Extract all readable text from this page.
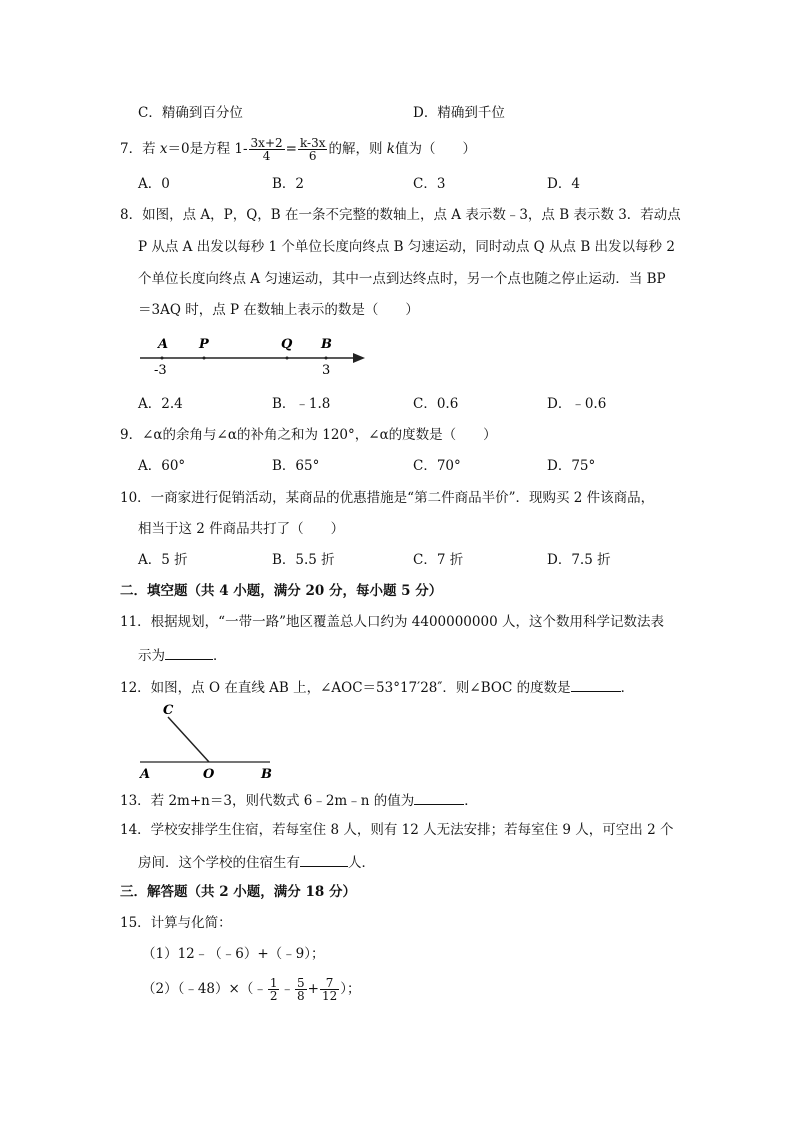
C．精确到百分位	D．精确到千位
7．若 x＝0是方程 $1- \frac{3x+2}{4} = \frac{k-3x}{6}$ 的解，则 k值为（　　）
A．0	B．2	C．3	D．4
8．如图，点 A，P，Q，B 在一条不完整的数轴上，点 A 表示数﹣3，点 B 表示数 3．若动点
P 从点 A 出发以每秒 1 个单位长度向终点 B 匀速运动，同时动点 Q 从点 B 出发以每秒 2
个单位长度向终点 A 匀速运动，其中一点到达终点时，另一个点也随之停止运动．当 BP
＝3AQ 时，点 P 在数轴上表示的数是（　　）
A P	Q B
-3	3
A．2.4	B．﹣1.8	C．0.6	D．﹣0.6
9．∠α的余角与∠α的补角之和为 120°，∠α的度数是（　　）
A．60°	B．65°	C．70°	D．75°
10．一商家进行促销活动，某商品的优惠措施是“第二件商品半价”．现购买 2 件该商品，
相当于这 2 件商品共打了（　　）
A．5 折	B．5.5 折	C．7 折	D．7.5 折
二．填空题（共 4 小题，满分 20 分，每小题 5 分）
11．根据规划，“一带一路”地区覆盖总人口约为 4400000000 人，这个数用科学记数法表
示为	．
12．如图，点 O 在直线 AB 上，∠AOC＝53°17′28″．则∠BOC 的度数是	．
C
A	O	B
13．若 2m+n＝3，则代数式 6﹣2m﹣n 的值为	．
14．学校安排学生住宿，若每室住 8 人，则有 12 人无法安排；若每室住 9 人，可空出 2 个
房间．这个学校的住宿生有	人．
三．解答题（共 2 小题，满分 18 分）
15．计算与化简：
（1）12﹣（﹣6）+（﹣9）；
（2）（﹣48）×（﹣ $\frac{1}{2}$ ﹣ $\frac{5}{8} + \frac{7}{12}$ ）；
